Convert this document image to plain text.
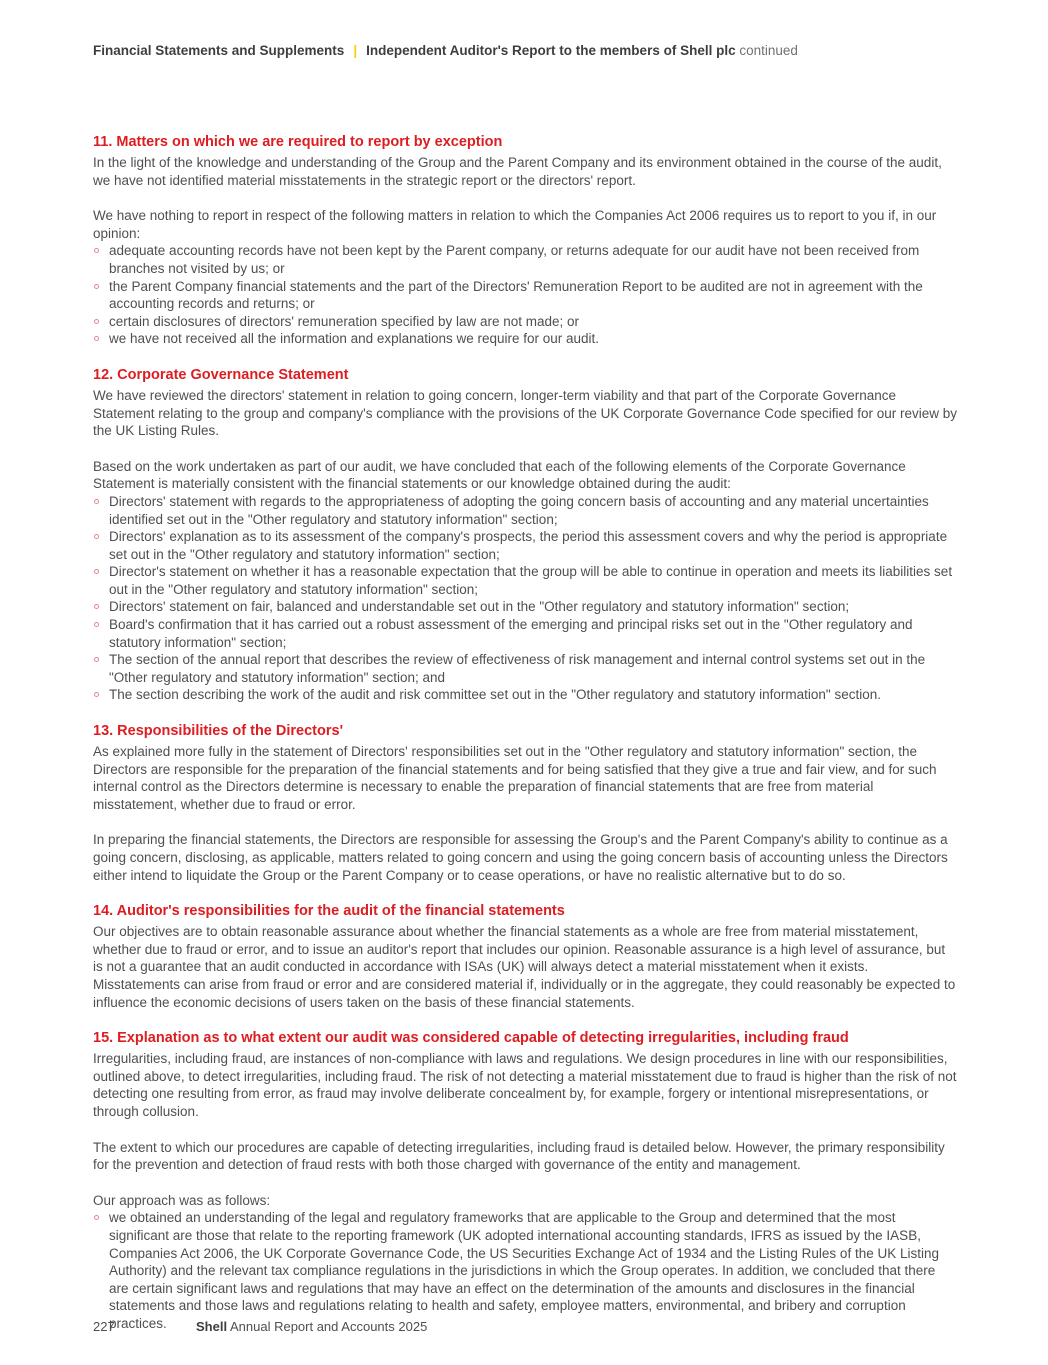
Financial Statements and Supplements | Independent Auditor's Report to the members of Shell plc continued
11. Matters on which we are required to report by exception

In the light of the knowledge and understanding of the Group and the Parent Company and its environment obtained in the course of the audit, we have not identified material misstatements in the strategic report or the directors' report.

We have nothing to report in respect of the following matters in relation to which the Companies Act 2006 requires us to report to you if, in our opinion:

adequate accounting records have not been kept by the Parent company, or returns adequate for our audit have not been received from branches not visited by us; or
the Parent Company financial statements and the part of the Directors' Remuneration Report to be audited are not in agreement with the accounting records and returns; or
certain disclosures of directors' remuneration specified by law are not made; or
we have not received all the information and explanations we require for our audit.
12. Corporate Governance Statement

We have reviewed the directors' statement in relation to going concern, longer-term viability and that part of the Corporate Governance Statement relating to the group and company's compliance with the provisions of the UK Corporate Governance Code specified for our review by the UK Listing Rules.

Based on the work undertaken as part of our audit, we have concluded that each of the following elements of the Corporate Governance Statement is materially consistent with the financial statements or our knowledge obtained during the audit:

Directors' statement with regards to the appropriateness of adopting the going concern basis of accounting and any material uncertainties identified set out in the "Other regulatory and statutory information" section;
Directors' explanation as to its assessment of the company's prospects, the period this assessment covers and why the period is appropriate set out in the "Other regulatory and statutory information" section;
Director's statement on whether it has a reasonable expectation that the group will be able to continue in operation and meets its liabilities set out in the "Other regulatory and statutory information" section;
Directors' statement on fair, balanced and understandable set out in the "Other regulatory and statutory information" section;
Board's confirmation that it has carried out a robust assessment of the emerging and principal risks set out in the "Other regulatory and statutory information" section;
The section of the annual report that describes the review of effectiveness of risk management and internal control systems set out in the "Other regulatory and statutory information" section; and
The section describing the work of the audit and risk committee set out in the "Other regulatory and statutory information" section.
13. Responsibilities of the Directors'

As explained more fully in the statement of Directors' responsibilities set out in the "Other regulatory and statutory information" section, the Directors are responsible for the preparation of the financial statements and for being satisfied that they give a true and fair view, and for such internal control as the Directors determine is necessary to enable the preparation of financial statements that are free from material misstatement, whether due to fraud or error.

In preparing the financial statements, the Directors are responsible for assessing the Group's and the Parent Company's ability to continue as a going concern, disclosing, as applicable, matters related to going concern and using the going concern basis of accounting unless the Directors either intend to liquidate the Group or the Parent Company or to cease operations, or have no realistic alternative but to do so.

14. Auditor's responsibilities for the audit of the financial statements

Our objectives are to obtain reasonable assurance about whether the financial statements as a whole are free from material misstatement, whether due to fraud or error, and to issue an auditor's report that includes our opinion. Reasonable assurance is a high level of assurance, but is not a guarantee that an audit conducted in accordance with ISAs (UK) will always detect a material misstatement when it exists. Misstatements can arise from fraud or error and are considered material if, individually or in the aggregate, they could reasonably be expected to influence the economic decisions of users taken on the basis of these financial statements.

15. Explanation as to what extent our audit was considered capable of detecting irregularities, including fraud

Irregularities, including fraud, are instances of non-compliance with laws and regulations. We design procedures in line with our responsibilities, outlined above, to detect irregularities, including fraud. The risk of not detecting a material misstatement due to fraud is higher than the risk of not detecting one resulting from error, as fraud may involve deliberate concealment by, for example, forgery or intentional misrepresentations, or through collusion.

The extent to which our procedures are capable of detecting irregularities, including fraud is detailed below. However, the primary responsibility for the prevention and detection of fraud rests with both those charged with governance of the entity and management.

Our approach was as follows:

we obtained an understanding of the legal and regulatory frameworks that are applicable to the Group and determined that the most significant are those that relate to the reporting framework (UK adopted international accounting standards, IFRS as issued by the IASB, Companies Act 2006, the UK Corporate Governance Code, the US Securities Exchange Act of 1934 and the Listing Rules of the UK Listing Authority) and the relevant tax compliance regulations in the jurisdictions in which the Group operates. In addition, we concluded that there are certain significant laws and regulations that may have an effect on the determination of the amounts and disclosures in the financial statements and those laws and regulations relating to health and safety, employee matters, environmental, and bribery and corruption practices.
227	Shell Annual Report and Accounts 2025
